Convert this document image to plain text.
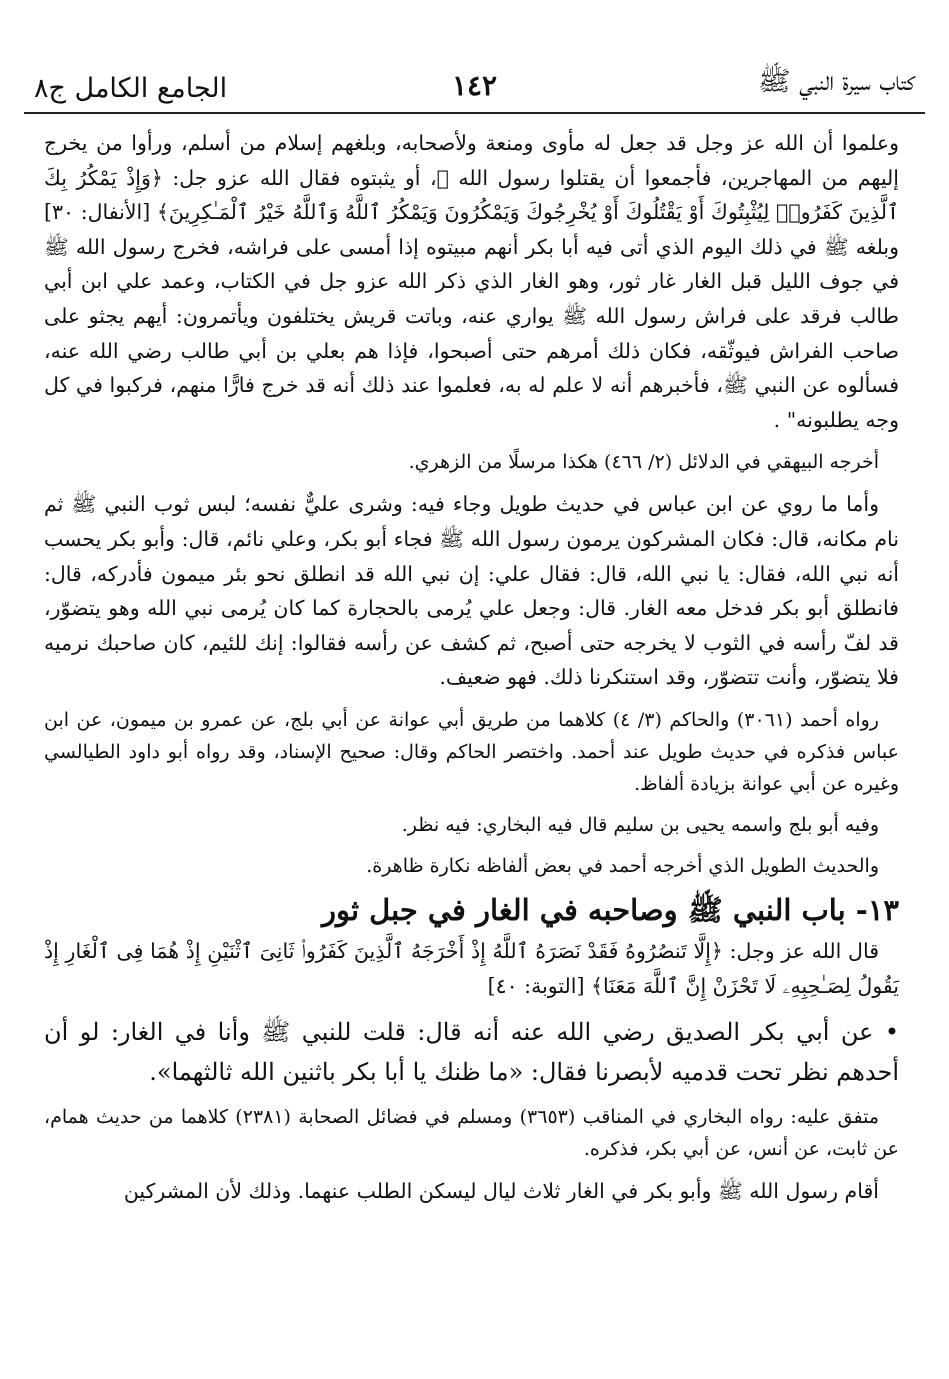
كتاب سيرة النبي ﷺ
١٤٢
الجامع الكامل ج٨

وعلموا أن الله عز وجل قد جعل له مأوى ومنعة ولأصحابه، وبلغهم إسلام من أسلم، ورأوا من يخرج إليهم من المهاجرين، فأجمعوا أن يقتلوا رسول الله ﷺ، أو يثبتوه فقال الله عزو جل: ﴿وَإِذْ يَمْكُرُ بِكَ ٱلَّذِينَ كَفَرُوا۟ لِيُثْبِتُوكَ أَوْ يَقْتُلُوكَ أَوْ يُخْرِجُوكَ وَيَمْكُرُونَ وَيَمْكُرُ ٱللَّهُ وَٱللَّهُ خَيْرُ ٱلْمَـٰكِرِينَ﴾ [الأنفال: ٣٠] وبلغه ﷺ في ذلك اليوم الذي أتى فيه أبا بكر أنهم مبيتوه إذا أمسى على فراشه، فخرج رسول الله ﷺ في جوف الليل قبل الغار غار ثور، وهو الغار الذي ذكر الله عزو جل في الكتاب، وعمد علي ابن أبي طالب فرقد على فراش رسول الله ﷺ يواري عنه، وباتت قريش يختلفون ويأتمرون: أيهم يجثو على صاحب الفراش فيوثّقه، فكان ذلك أمرهم حتى أصبحوا، فإذا هم بعلي بن أبي طالب رضي الله عنه، فسألوه عن النبي ﷺ، فأخبرهم أنه لا علم له به، فعلموا عند ذلك أنه قد خرج فارًّا منهم، فركبوا في كل وجه يطلبونه" .

أخرجه البيهقي في الدلائل (٢/ ٤٦٦) هكذا مرسلًا من الزهري.

وأما ما روي عن ابن عباس في حديث طويل وجاء فيه: وشرى عليٌّ نفسه؛ لبس ثوب النبي ﷺ ثم نام مكانه، قال: فكان المشركون يرمون رسول الله ﷺ فجاء أبو بكر، وعلي نائم، قال: وأبو بكر يحسب أنه نبي الله، فقال: يا نبي الله، قال: فقال علي: إن نبي الله قد انطلق نحو بئر ميمون فأدركه، قال: فانطلق أبو بكر فدخل معه الغار. قال: وجعل علي يُرمى بالحجارة كما كان يُرمى نبي الله وهو يتضوّر، قد لفّ رأسه في الثوب لا يخرجه حتى أصبح، ثم كشف عن رأسه فقالوا: إنك للئيم، كان صاحبك نرميه فلا يتضوّر، وأنت تتضوّر، وقد استنكرنا ذلك. فهو ضعيف.

رواه أحمد (٣٠٦١) والحاكم (٣/ ٤) كلاهما من طريق أبي عوانة عن أبي بلج، عن عمرو بن ميمون، عن ابن عباس فذكره في حديث طويل عند أحمد. واختصر الحاكم وقال: صحيح الإسناد، وقد رواه أبو داود الطيالسي وغيره عن أبي عوانة بزيادة ألفاظ.

وفيه أبو بلج واسمه يحيى بن سليم قال فيه البخاري: فيه نظر.

والحديث الطويل الذي أخرجه أحمد في بعض ألفاظه نكارة ظاهرة.

١٣- باب النبي ﷺ وصاحبه في الغار في جبل ثور

قال الله عز وجل: ﴿إِلَّا تَنصُرُوهُ فَقَدْ نَصَرَهُ ٱللَّهُ إِذْ أَخْرَجَهُ ٱلَّذِينَ كَفَرُوا۟ ثَانِىَ ٱثْنَيْنِ إِذْ هُمَا فِى ٱلْغَارِ إِذْ يَقُولُ لِصَـٰحِبِهِۦ لَا تَحْزَنْ إِنَّ ٱللَّهَ مَعَنَا﴾ [التوبة: ٤٠]

• عن أبي بكر الصديق رضي الله عنه أنه قال: قلت للنبي ﷺ وأنا في الغار: لو أن أحدهم نظر تحت قدميه لأبصرنا فقال: «ما ظنك يا أبا بكر باثنين الله ثالثهما».

متفق عليه: رواه البخاري في المناقب (٣٦٥٣) ومسلم في فضائل الصحابة (٢٣٨١) كلاهما من حديث همام، عن ثابت، عن أنس، عن أبي بكر، فذكره.

أقام رسول الله ﷺ وأبو بكر في الغار ثلاث ليال ليسكن الطلب عنهما. وذلك لأن المشركين
